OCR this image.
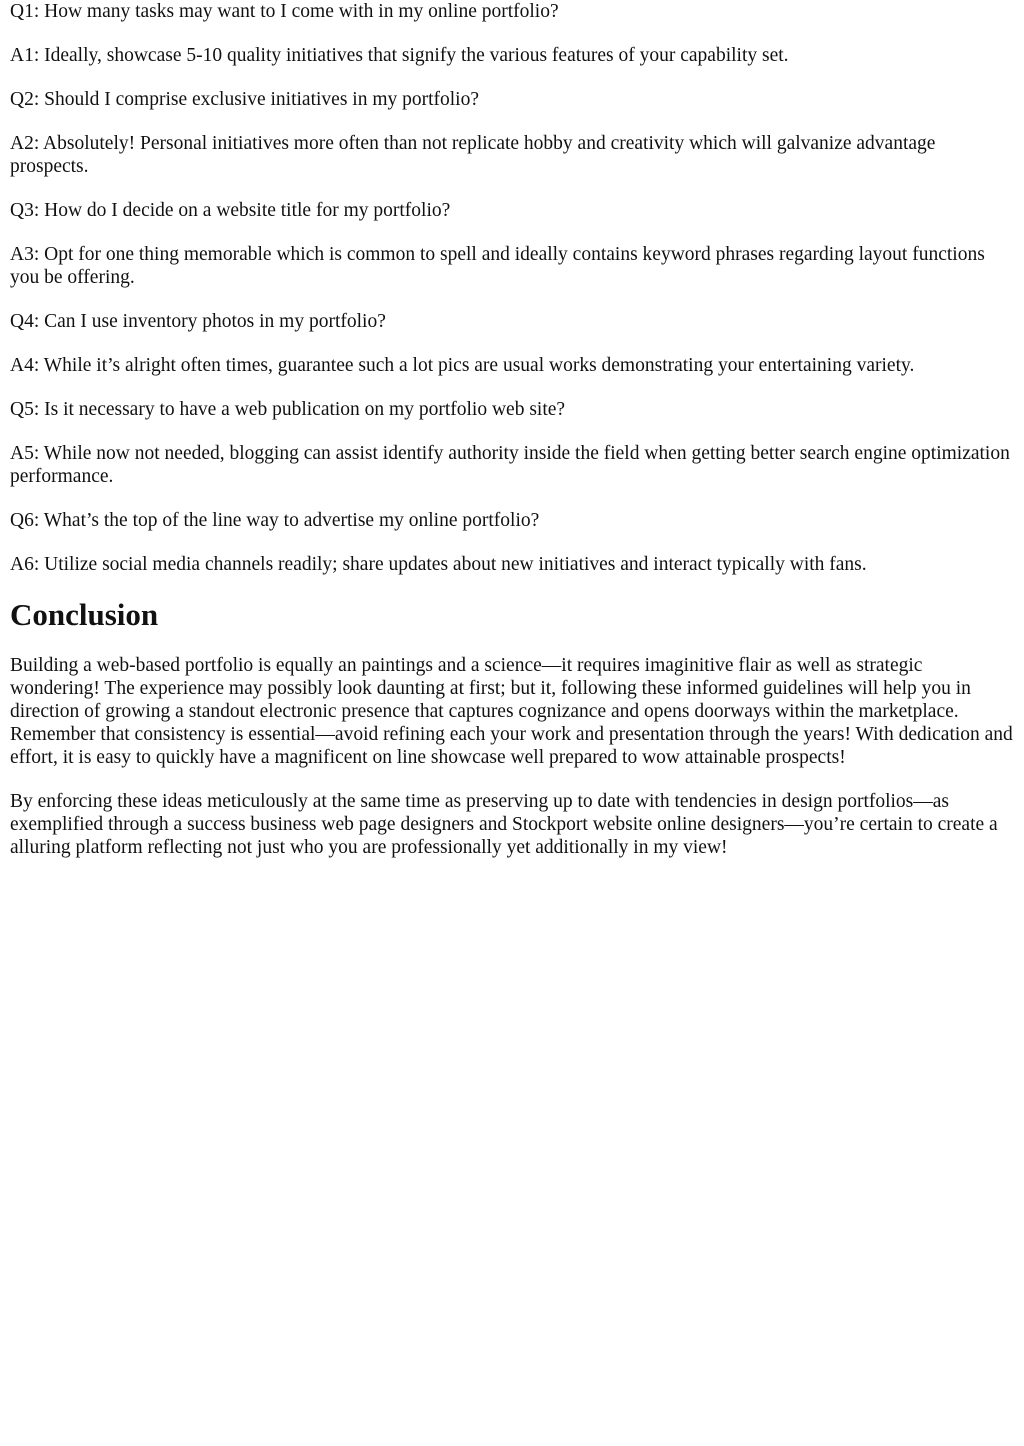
Q1: How many tasks may want to I come with in my online portfolio?

A1: Ideally, showcase 5-10 quality initiatives that signify the various features of your capability set.

Q2: Should I comprise exclusive initiatives in my portfolio?

A2: Absolutely! Personal initiatives more often than not replicate hobby and creativity which will galvanize advantage prospects.

Q3: How do I decide on a website title for my portfolio?

A3: Opt for one thing memorable which is common to spell and ideally contains keyword phrases regarding layout functions you be offering.

Q4: Can I use inventory photos in my portfolio?

A4: While it’s alright often times, guarantee such a lot pics are usual works demonstrating your entertaining variety.

Q5: Is it necessary to have a web publication on my portfolio web site?

A5: While now not needed, blogging can assist identify authority inside the field when getting better search engine optimization performance.

Q6: What’s the top of the line way to advertise my online portfolio?

A6: Utilize social media channels readily; share updates about new initiatives and interact typically with fans.

Conclusion

Building a web-based portfolio is equally an paintings and a science—it requires imaginitive flair as well as strategic wondering! The experience may possibly look daunting at first; but it, following these informed guidelines will help you in direction of growing a standout electronic presence that captures cognizance and opens doorways within the marketplace. Remember that consistency is essential—avoid refining each your work and presentation through the years! With dedication and effort, it is easy to quickly have a magnificent on line showcase well prepared to wow attainable prospects!

By enforcing these ideas meticulously at the same time as preserving up to date with tendencies in design portfolios—as exemplified through a success business web page designers and Stockport website online designers—you’re certain to create a alluring platform reflecting not just who you are professionally yet additionally in my view!
